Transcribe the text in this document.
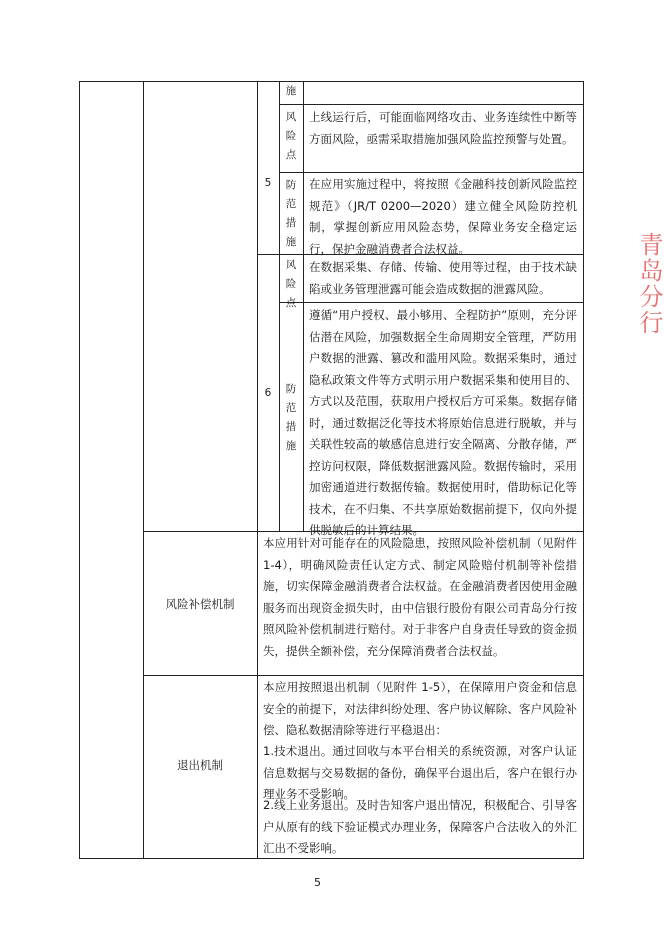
施
风险点
上线运行后，可能面临网络攻击、业务连续性中断等方面风险，亟需采取措施加强风险监控预警与处置。
5	防范措施
在应用实施过程中，将按照《金融科技创新风险监控规范》（JR/T 0200—2020）建立健全风险防控机制，掌握创新应用风险态势，保障业务安全稳定运行，保护金融消费者合法权益。
风险点
在数据采集、存储、传输、使用等过程，由于技术缺陷或业务管理泄露可能会造成数据的泄露风险。
6	防范措施
遵循“用户授权、最小够用、全程防护”原则，充分评估潜在风险，加强数据全生命周期安全管理，严防用户数据的泄露、篡改和滥用风险。数据采集时，通过隐私政策文件等方式明示用户数据采集和使用目的、方式以及范围，获取用户授权后方可采集。数据存储时，通过数据泛化等技术将原始信息进行脱敏，并与关联性较高的敏感信息进行安全隔离、分散存储，严控访问权限，降低数据泄露风险。数据传输时，采用加密通道进行数据传输。数据使用时，借助标记化等技术，在不归集、不共享原始数据前提下，仅向外提供脱敏后的计算结果。
风险补偿机制
本应用针对可能存在的风险隐患，按照风险补偿机制（见附件 1-4），明确风险责任认定方式、制定风险赔付机制等补偿措施，切实保障金融消费者合法权益。在金融消费者因使用金融服务而出现资金损失时，由中信银行股份有限公司青岛分行按照风险补偿机制进行赔付。对于非客户自身责任导致的资金损失，提供全额补偿，充分保障消费者合法权益。
退出机制
本应用按照退出机制（见附件 1-5），在保障用户资金和信息安全的前提下，对法律纠纷处理、客户协议解除、客户风险补偿、隐私数据清除等进行平稳退出：
1.技术退出。通过回收与本平台相关的系统资源，对客户认证信息数据与交易数据的备份，确保平台退出后，客户在银行办理业务不受影响。
2.线上业务退出。及时告知客户退出情况，积极配合、引导客户从原有的线下验证模式办理业务，保障客户合法收入的外汇汇出不受影响。
青岛分行
5
